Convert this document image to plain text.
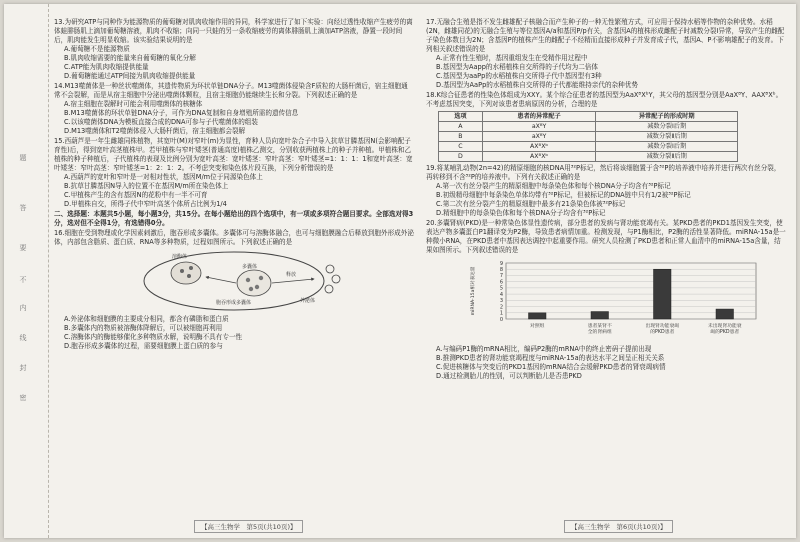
题
答
要
不
内
线
封
密
13.为研究ATP与同种作为能源物质的葡萄糖对肌肉收缩作用的异同，科学家进行了如下实验：向经过透性收缩产生疲劳的离体蛙腓肠肌上滴加葡萄糖溶液，肌肉不收缩；向同一只蛙的另一条收缩疲劳的离体腓肠肌上滴加ATP溶液，静置一段时间后，肌肉能发生明显收缩。该实验结果说明的是
A.葡萄糖不是能源物质
B.肌肉收缩需要的能量来自葡萄糖的氧化分解
C.ATP能为肌肉收缩提供能量
D.葡萄糖能通过ATP间接为肌肉收缩提供能量
14.M13噬菌体是一种丝状噬菌体，其遗传物质为环状单链DNA分子。M13噬菌体侵染含F质粒的大肠杆菌后，宿主细胞通常不会裂解，而是从宿主细胞中分泌出噬菌体颗粒，且宿主细胞仍能继续生长和分裂。下列叙述正确的是
A.宿主细胞在裂解时可能会利用噬菌体的核糖体
B.M13噬菌体的环状单链DNA分子，可作为DNA复制和自身增殖所需的遗传信息
C.以该噬菌体DNA为模板直接合成的DNA可参与子代噬菌体的组装
D.M13噬菌体和T2噬菌体侵入大肠杆菌后，宿主细胞都会裂解
15.西葫芦是一年生雌雄同株植物，其宽叶(M)对窄叶(m)为显性，育种人员向宽叶杂合子中导入抗草甘膦基因N(会影响配子育性)后，得到宽叶高茎植株甲。若甲植株与窄叶矮茎(普通高度)植株乙测交，分别收获两植株上的种子并种植。甲植株和乙植株的种子种植后，子代植株的表现及比例分别为宽叶高茎：宽叶矮茎：窄叶高茎：窄叶矮茎=1：1：1：1和宽叶高茎：宽叶矮茎：窄叶高茎：窄叶矮茎=1：2：1：2。不考虑突变和染色体片段互换，下列分析错误的是
A.西葫芦的宽叶和窄叶是一对相对性状，基因M/m位于同源染色体上
B.抗草甘膦基因N导入的位置不在基因M/m所在染色体上
C.甲植株产生的含有基因N的花粉中有一半不可育
D.甲植株自交，所得子代中窄叶高茎个体所占比例为1/4
二、选择题：本题共5小题，每小题3分，共15分。在每小题给出的四个选项中，有一项或多项符合题目要求。全部选对得3分，选对但不全得1分，有选错得0分。
16.细胞在受到物理或化学因素刺激后，胞吞形成多囊体。多囊体可与溶酶体融合，也可与细胞膜融合后释放到胞外形成外泌体，内部包含脂质、蛋白质、RNA等多种物质，过程如图所示。下列叙述正确的是
溶酶体
多囊体
胞吞形成多囊体	外泌体
释放
A.外泌体和细胞膜的主要成分相同，都含有磷脂和蛋白质
B.多囊体内的物质被溶酶体降解后，可以被细胞再利用
C.溶酶体内的酶能够催化多种物质水解，说明酶不具有专一性
D.胞吞形成多囊体的过程，需要细胞膜上蛋白质的参与
17.无融合生殖是指不发生雌雄配子核融合而产生种子的一种无性繁殖方式，可应用于保持水稻等作物的杂种优势。水稻(2N，雌雄同花)的无融合生殖与等位基因A/a和基因P/p有关，含基因A的植株形成雌配子时减数分裂Ⅰ异常，导致产生的雌配子染色体数目为2N；含基因P的植株产生的雌配子不经精而直接形成种子并发育成子代，基因A、P不影响雄配子的发育。下列相关叙述错误的是
A.正常有性生殖时，基因重组发生在受精作用过程中
B.基因型为Aapp的水稻植株自交所得的子代均为二倍体
C.基因型为aaPp的水稻植株自交所得子代中基因型有3种
D.基因型为AaPp的水稻植株自交所得的子代都能维持亲代的杂种优势
18.K综合征患者的性染色体组成为XXY。某个综合征患者的基因型为AaXᴮXᵇY，其父母的基因型分别是AaXᴮY、AAXᴮXᵇ。不考虑基因突变，下列对该患者患病原因的分析，合理的是
选项	患者的异常配子	异常配子的形成时期
A	aXᴮY	减数分裂Ⅰ后期
B	aXᴮY	减数分裂Ⅱ后期
C	AXᴮXᵇ	减数分裂Ⅰ后期
D	AXᴮXᵇ	减数分裂Ⅱ后期
19.将某哺乳动物(2n=42)的精原细胞的核DNA用³²P标记，然后将该细胞置于含³²P的培养液中培养并进行两次有丝分裂，再转移到不含³²P的培养液中。下列有关叙述正确的是
A.第一次有丝分裂产生的精原细胞中每条染色体和每个核DNA分子均含有³²P标记
B.初级精母细胞中每条染色单体均带有³²P标记，但被标记的DNA链中只有1/2被³²P标记
C.第二次有丝分裂产生的精原细胞中最多有21条染色体被³²P标记
D.精细胞中的每条染色体和每个核DNA分子均含有³²P标记
20.多囊肾病(PKD)是一种常染色体显性遗传病，部分患者的发病与肾功能衰竭有关。某PKD患者的PKD1基因发生突变，使表达产物多囊蛋白P1翻译变为P2酶，导致患者病情加重。检测发现，与P1酶相比，P2酶的活性显著降低。miRNA-15a是一种微小RNA，在PKD患者中基因表达调控中起重要作用。研究人员检测了PKD患者和正常人血清中的miRNA-15a含量，结果如图所示。下列叙述错误的是
0
1
2
3
4
5
6
7
8
9
miRNA-15a相对表达量
对照组	患者某肾不全的肾病组
出现肾功能衰竭的PKD患者
未出现肾功能衰竭的PKD患者
A.与编码P1酶的mRNA相比，编码P2酶的mRNA中的终止密码子提前出现
B.推测PKD患者的肾功能衰竭程度与miRNA-15a的表达水平之间呈正相关关系
C.促进核糖体与突变后的PKD1基因的mRNA结合会缓解PKD患者的肾衰竭病情
D.通过检测胎儿的性别，可以判断胎儿是否患PKD
【高三生物学　第5页(共10页)】	【高三生物学　第6页(共10页)】
